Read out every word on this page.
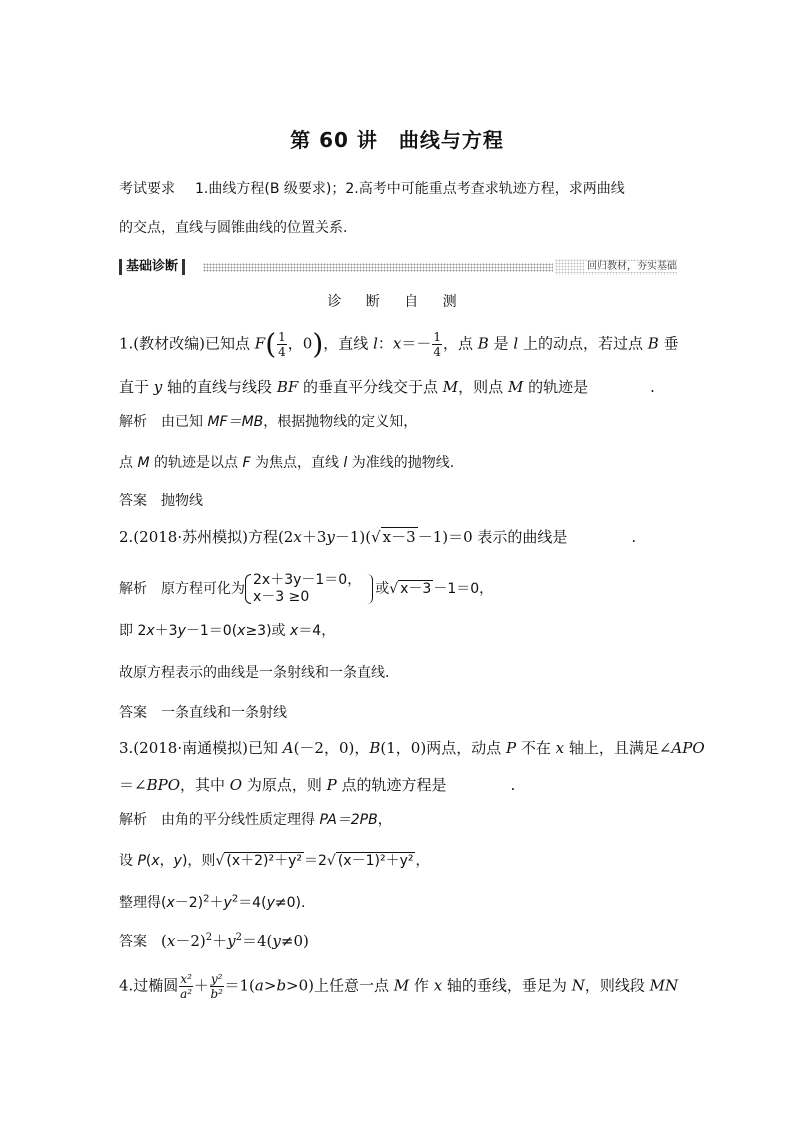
第 60 讲　曲线与方程
考试要求 1.曲线方程(B 级要求)；2.高考中可能重点考查求轨迹方程，求两曲线
的交点，直线与圆锥曲线的位置关系.
基础诊断	回归教材，夯实基础
诊 断 自 测
1.(教材改编)已知点 $F( \frac{1}{4}$ ，0)，直线 l：$x=- \frac{1}{4}$ ，点 B 是 l 上的动点，若过点 B 垂
直于 y 轴的直线与线段 BF 的垂直平分线交于点 M，则点 M 的轨迹是	.
解析 由已知 MF＝MB，根据抛物线的定义知，
点 M 的轨迹是以点 F 为焦点，直线 l 为准线的抛物线.
答案 抛物线
2.(2018·苏州模拟)方程(2x＋3y－1)(√ x－3 －1)＝0 表示的曲线是	.
解析 原方程可化为
2x＋3y－1＝0，
x－3 ≥0	或√ x－3 －1＝0，
即 2x＋3y－1＝0(x≥3)或 x＝4，
故原方程表示的曲线是一条射线和一条直线.
答案 一条直线和一条射线
3.(2018·南通模拟)已知 A(－2，0)，B(1，0)两点，动点 P 不在 x 轴上，且满足∠APO
＝∠BPO，其中 O 为原点，则 P 点的轨迹方程是	.
解析 由角的平分线性质定理得 PA＝2PB，
设 P(x，y)，则√ (x＋2)²＋y² ＝2√ (x－1)²＋y² ，
整理得$(x-2)^2+y^2=4(y\ne 0)$.
答案 $(x-2)^2+y^2=4(y\ne 0)$
4.过椭圆 $\frac{\text{x²}}{\text{a²}} + \frac{\text{y²}}{\text{b²}} =1(a>b>0)$上任意一点 M 作 x 轴的垂线，垂足为 N，则线段 MN
